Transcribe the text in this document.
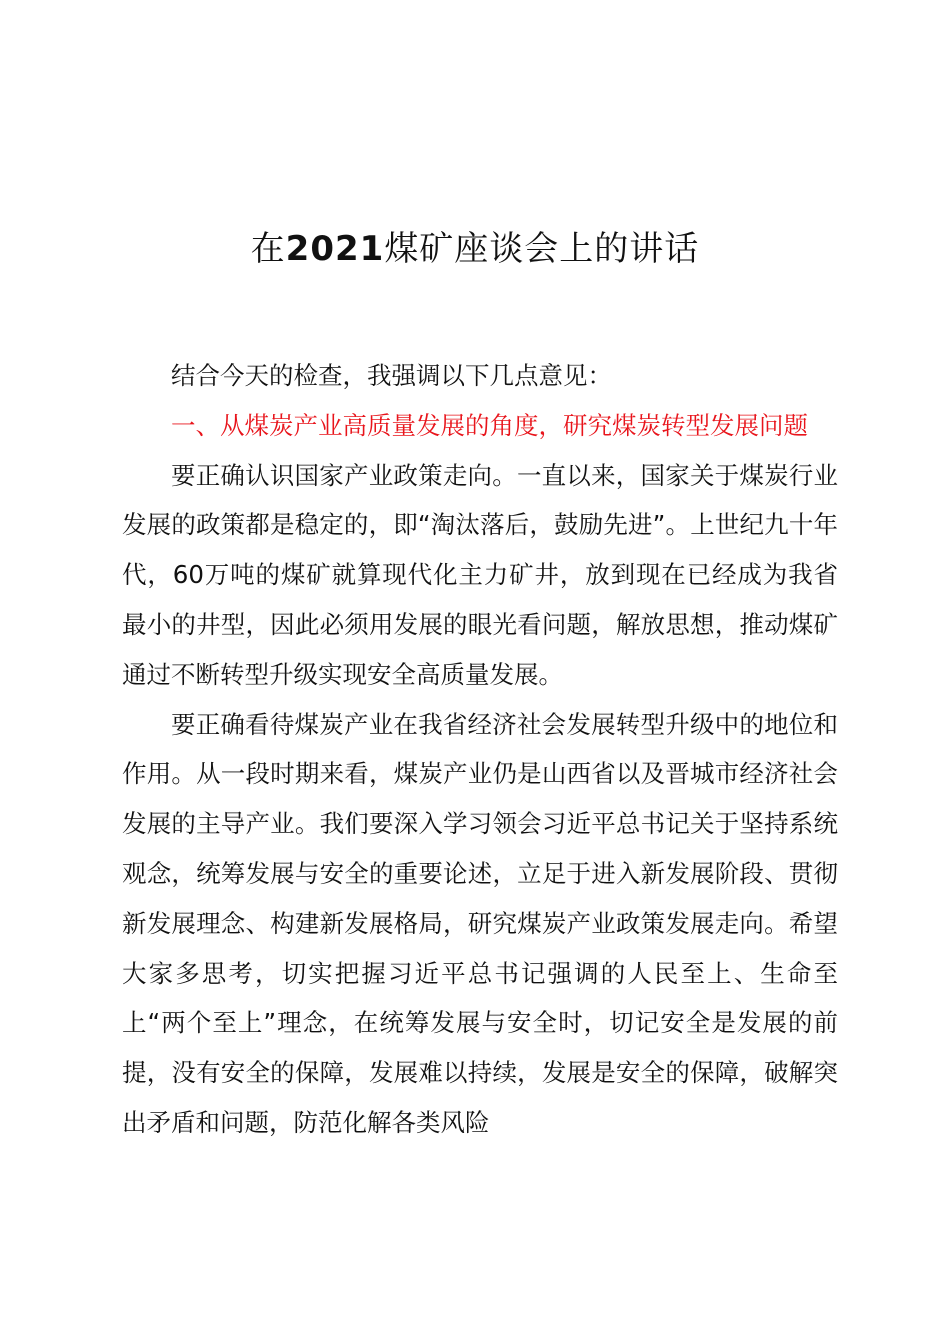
在2021煤矿座谈会上的讲话

结合今天的检查，我强调以下几点意见：

一、从煤炭产业高质量发展的角度，研究煤炭转型发展问题

要正确认识国家产业政策走向。一直以来，国家关于煤炭行业发展的政策都是稳定的，即“淘汰落后，鼓励先进”。上世纪九十年代，60万吨的煤矿就算现代化主力矿井，放到现在已经成为我省最小的井型，因此必须用发展的眼光看问题，解放思想，推动煤矿通过不断转型升级实现安全高质量发展。

要正确看待煤炭产业在我省经济社会发展转型升级中的地位和作用。从一段时期来看，煤炭产业仍是山西省以及晋城市经济社会发展的主导产业。我们要深入学习领会习近平总书记关于坚持系统观念，统筹发展与安全的重要论述，立足于进入新发展阶段、贯彻新发展理念、构建新发展格局，研究煤炭产业政策发展走向。希望大家多思考，切实把握习近平总书记强调的人民至上、生命至上“两个至上”理念，在统筹发展与安全时，切记安全是发展的前提，没有安全的保障，发展难以持续，发展是安全的保障，破解突出矛盾和问题，防范化解各类风险
